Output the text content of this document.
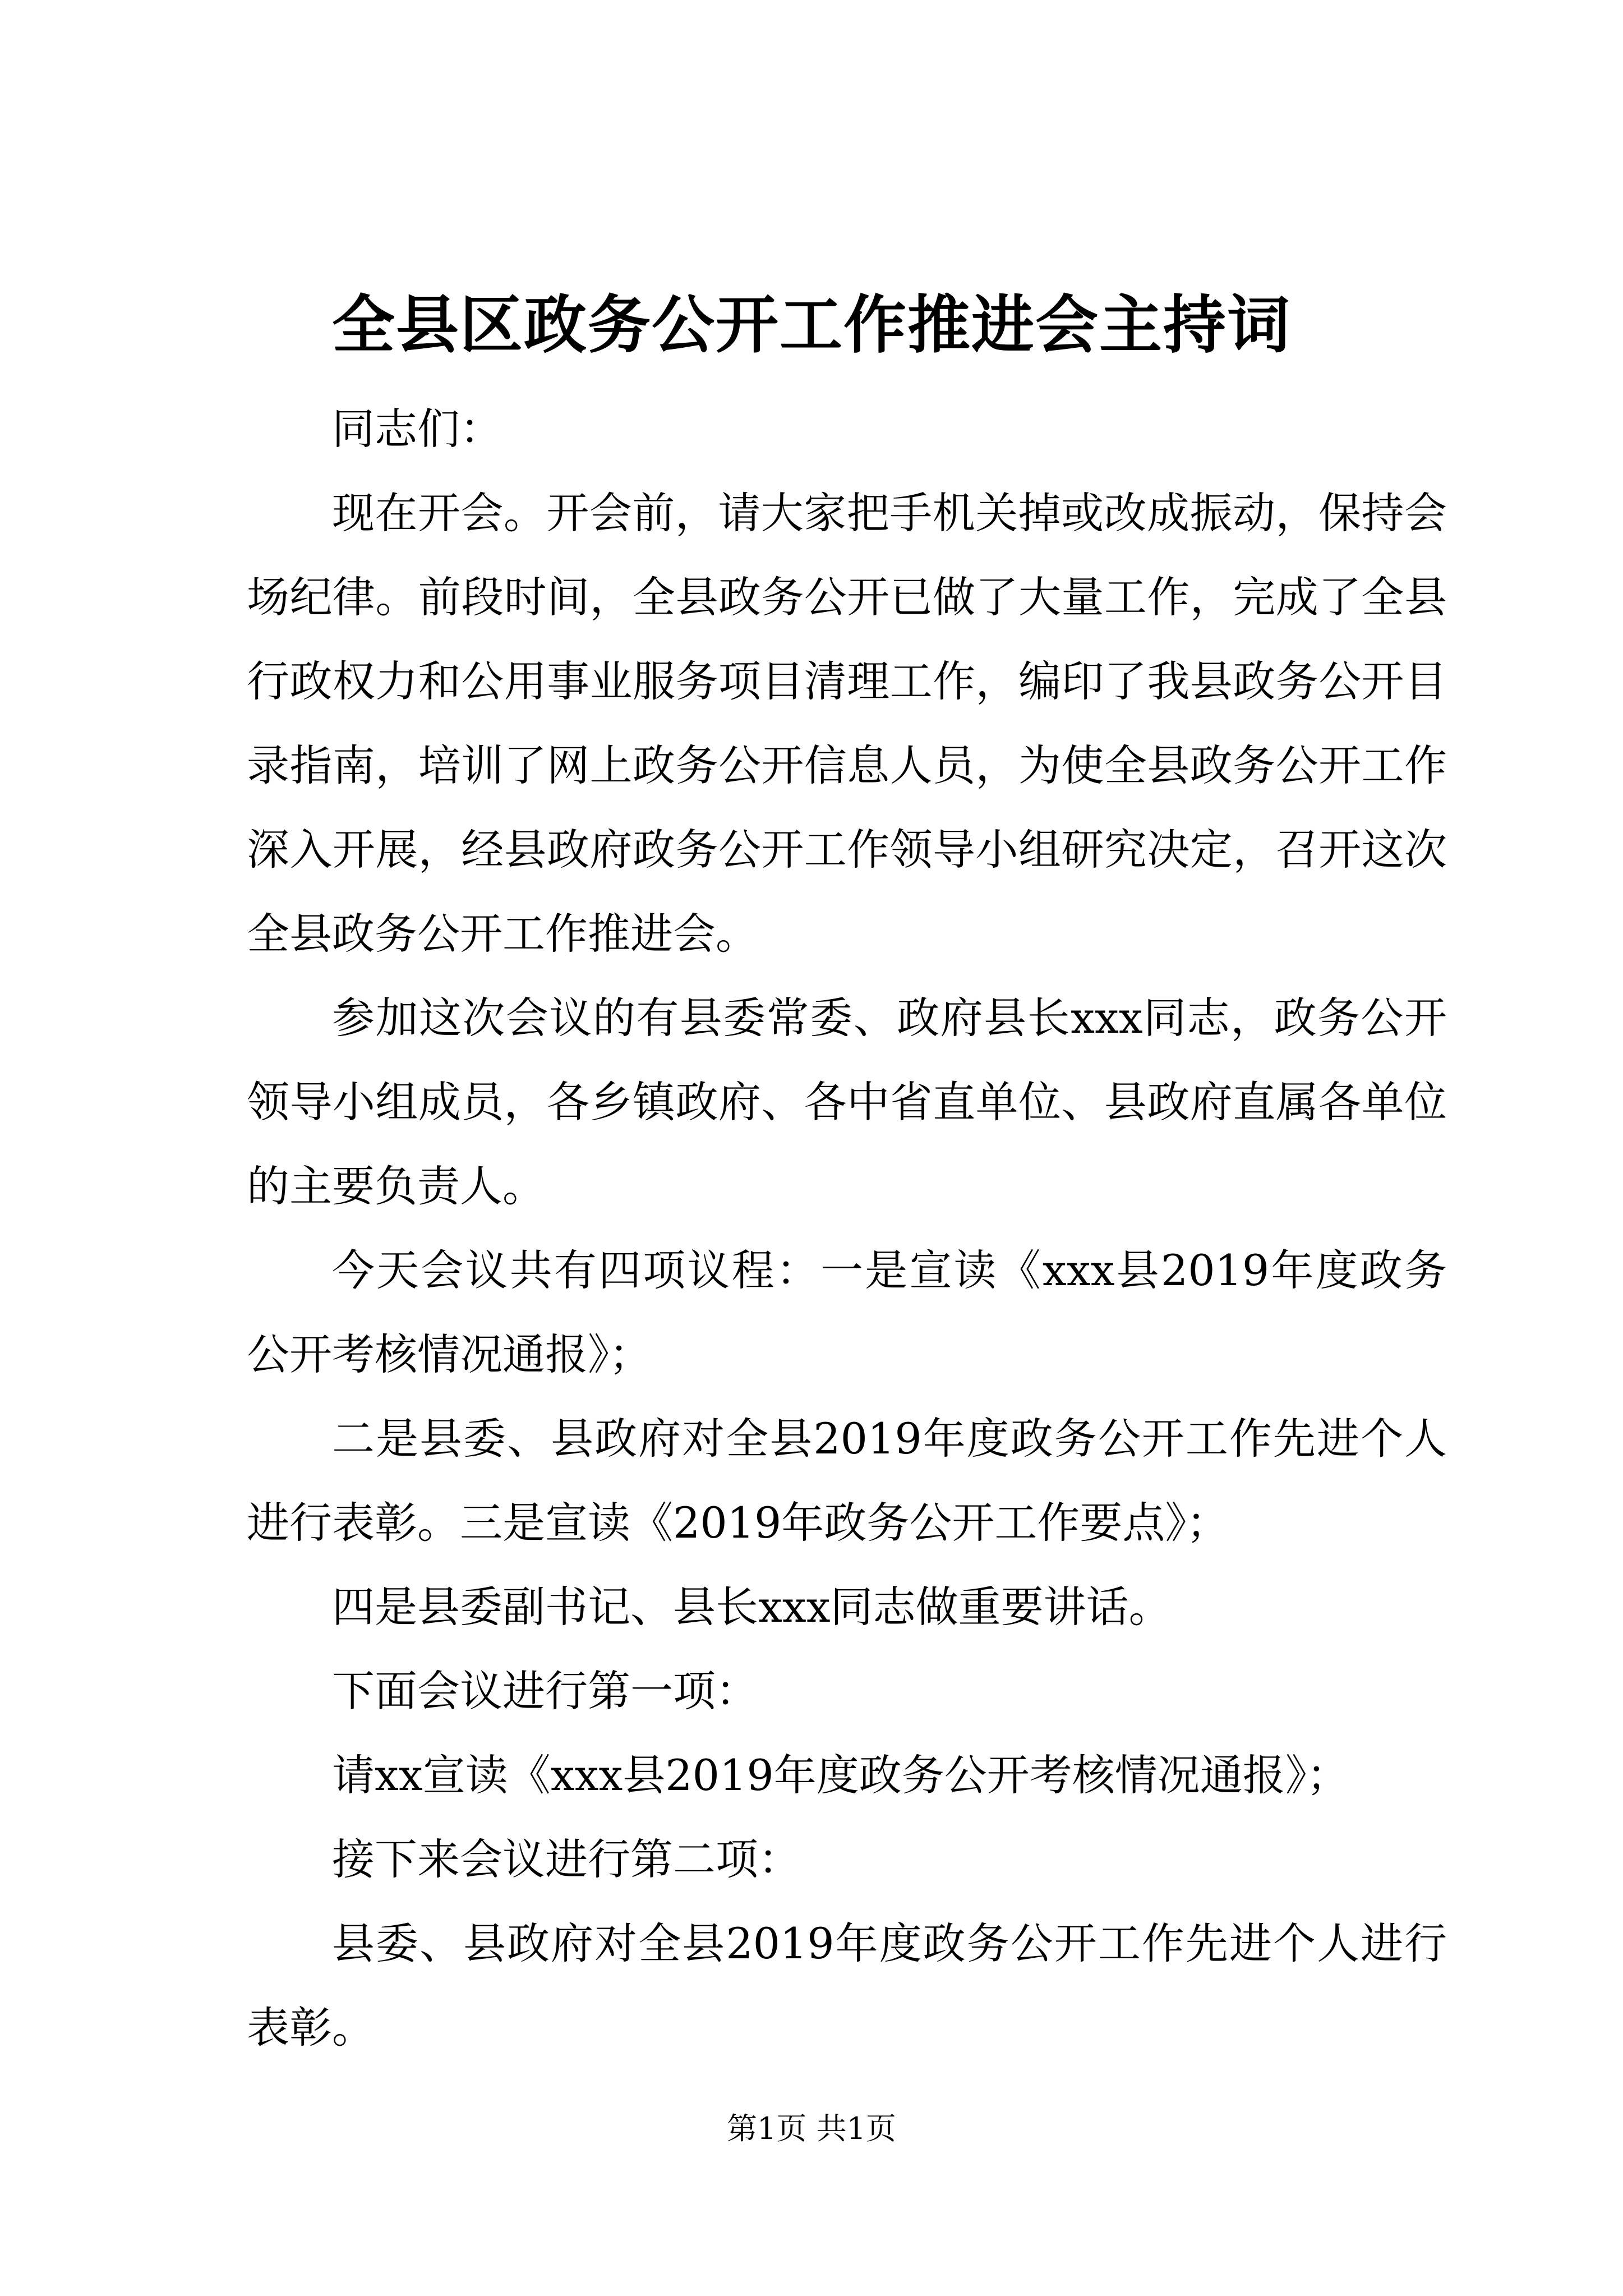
全县区政务公开工作推进会主持词

同志们：

现在开会。开会前，请大家把手机关掉或改成振动，保持会场纪律。前段时间，全县政务公开已做了大量工作，完成了全县行政权力和公用事业服务项目清理工作，编印了我县政务公开目录指南，培训了网上政务公开信息人员，为使全县政务公开工作深入开展，经县政府政务公开工作领导小组研究决定，召开这次全县政务公开工作推进会。

参加这次会议的有县委常委、政府县长xxx同志，政务公开领导小组成员，各乡镇政府、各中省直单位、县政府直属各单位的主要负责人。

今天会议共有四项议程：一是宣读《xxx县2019年度政务公开考核情况通报》；

二是县委、县政府对全县2019年度政务公开工作先进个人进行表彰。三是宣读《2019年政务公开工作要点》；

四是县委副书记、县长xxx同志做重要讲话。

下面会议进行第一项：

请xx宣读《xxx县2019年度政务公开考核情况通报》；

接下来会议进行第二项：

县委、县政府对全县2019年度政务公开工作先进个人进行表彰。

第1页 共1页
